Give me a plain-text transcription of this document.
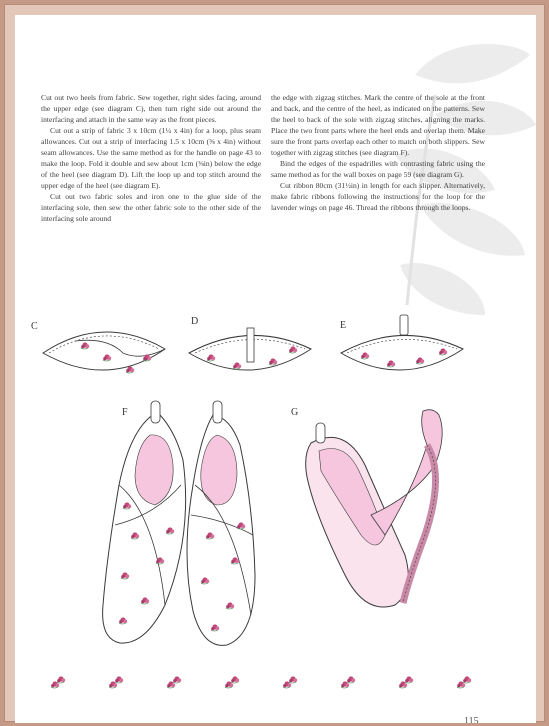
Cut out two heels from fabric. Sew together, right sides facing, around the upper edge (see diagram C), then turn right side out around the interfacing and attach in the same way as the front pieces.

Cut out a strip of fabric 3 x 10cm (1¼ x 4in) for a loop, plus seam allowances. Cut out a strip of interfacing 1.5 x 10cm (⅝ x 4in) without seam allowances. Use the same method as for the handle on page 43 to make the loop. Fold it double and sew about 1cm (⅜in) below the edge of the heel (see diagram D). Lift the loop up and top stitch around the upper edge of the heel (see diagram E).

Cut out two fabric soles and iron one to the glue side of the interfacing sole, then sew the other fabric sole to the other side of the interfacing sole around

the edge with zigzag stitches. Mark the centre of the sole at the front and back, and the centre of the heel, as indicated on the patterns. Sew the heel to back of the sole with zigzag stitches, aligning the marks. Place the two front parts where the heel ends and overlap them. Make sure the front parts overlap each other to match on both slippers. Sew together with zigzag stitches (see diagram F).

Bind the edges of the espadrilles with contrasting fabric using the same method as for the wall boxes on page 59 (see diagram G).

Cut ribbon 80cm (31½in) in length for each slipper. Alternatively, make fabric ribbons following the instructions for the loop for the lavender wings on page 46. Thread the ribbons through the loops.

C	D	E
F	G
115
